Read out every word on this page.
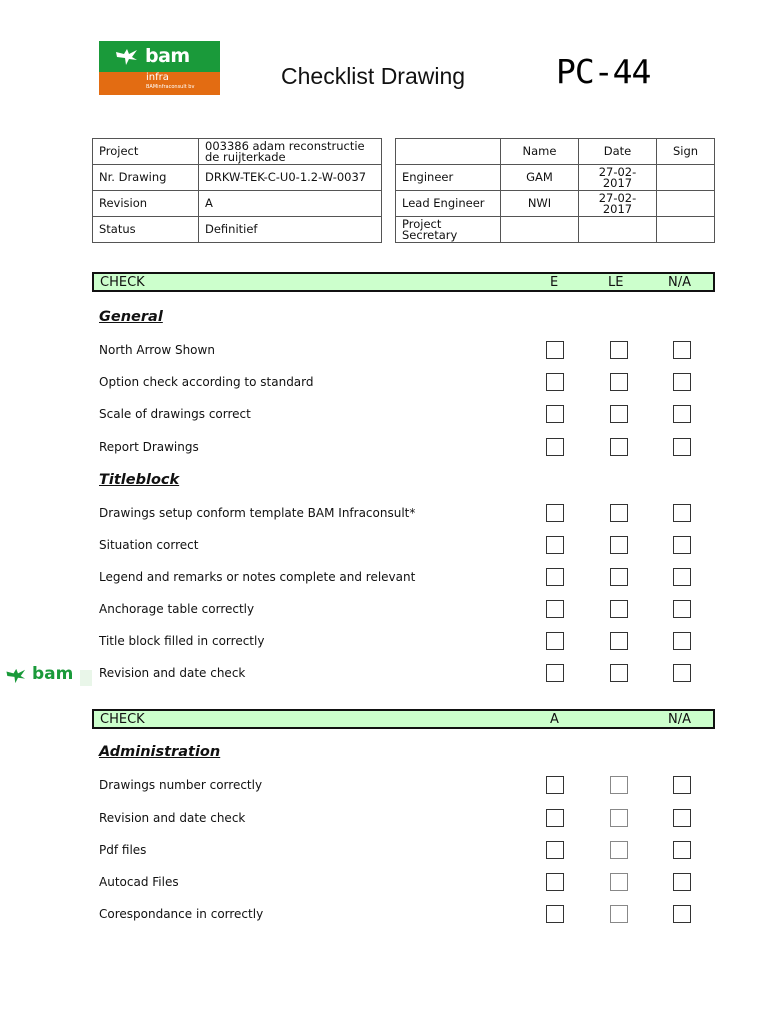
bam
infra
BAMinfraconsult bv	Checklist Drawing	PC-44
Project	003386 adam reconstructie
de ruijterkade
Nr. Drawing	DRKW-TEK-C-U0-1.2-W-0037
Revision	A
Status	Definitief
	Name	Date	Sign
Engineer	GAM	27-02-
2017	
Lead Engineer	NWI	27-02-
2017	
Project
Secretary			
CHECK	E	LE	N/A
General
North Arrow Shown
Option check according to standard
Scale of drawings correct
Report Drawings
Titleblock
Drawings setup conform template BAM Infraconsult*
Situation correct
Legend and remarks or notes complete and relevant
Anchorage table correctly
Title block filled in correctly
Revision and date check
bam
CHECK	A	N/A
Administration
Drawings number correctly
Revision and date check
Pdf files
Autocad Files
Corespondance in correctly
